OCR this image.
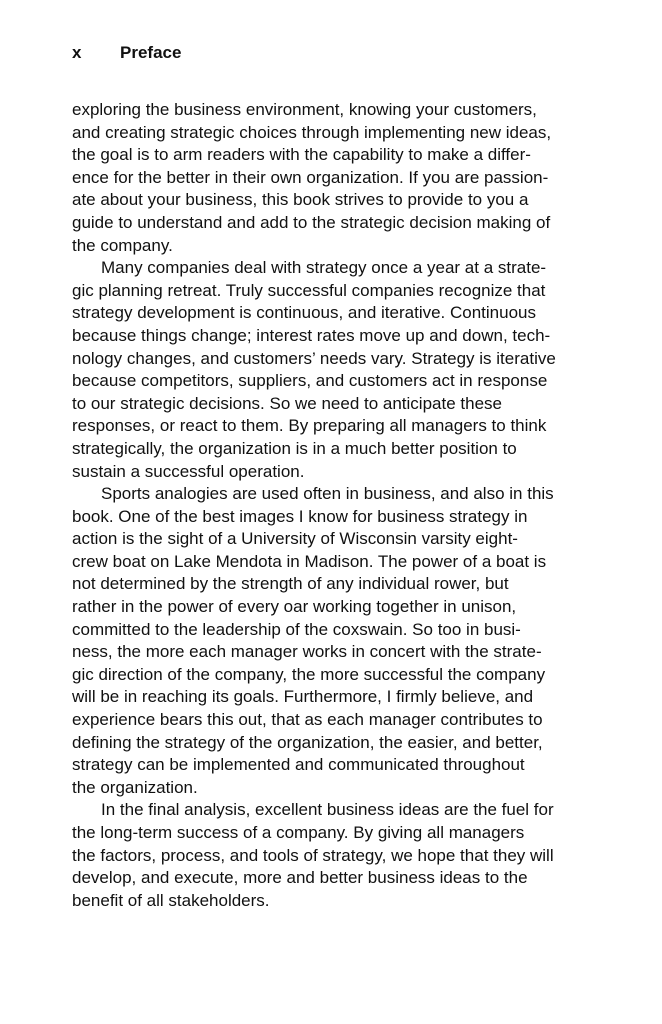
x Preface
exploring the business environment, knowing your customers,
and creating strategic choices through implementing new ideas,
the goal is to arm readers with the capability to make a differ-
ence for the better in their own organization. If you are passion-
ate about your business, this book strives to provide to you a
guide to understand and add to the strategic decision making of
the company.
Many companies deal with strategy once a year at a strate-
gic planning retreat. Truly successful companies recognize that
strategy development is continuous, and iterative. Continuous
because things change; interest rates move up and down, tech-
nology changes, and customers’ needs vary. Strategy is iterative
because competitors, suppliers, and customers act in response
to our strategic decisions. So we need to anticipate these
responses, or react to them. By preparing all managers to think
strategically, the organization is in a much better position to
sustain a successful operation.
Sports analogies are used often in business, and also in this
book. One of the best images I know for business strategy in
action is the sight of a University of Wisconsin varsity eight-
crew boat on Lake Mendota in Madison. The power of a boat is
not determined by the strength of any individual rower, but
rather in the power of every oar working together in unison,
committed to the leadership of the coxswain. So too in busi-
ness, the more each manager works in concert with the strate-
gic direction of the company, the more successful the company
will be in reaching its goals. Furthermore, I firmly believe, and
experience bears this out, that as each manager contributes to
defining the strategy of the organization, the easier, and better,
strategy can be implemented and communicated throughout
the organization.
In the final analysis, excellent business ideas are the fuel for
the long-term success of a company. By giving all managers
the factors, process, and tools of strategy, we hope that they will
develop, and execute, more and better business ideas to the
benefit of all stakeholders.
